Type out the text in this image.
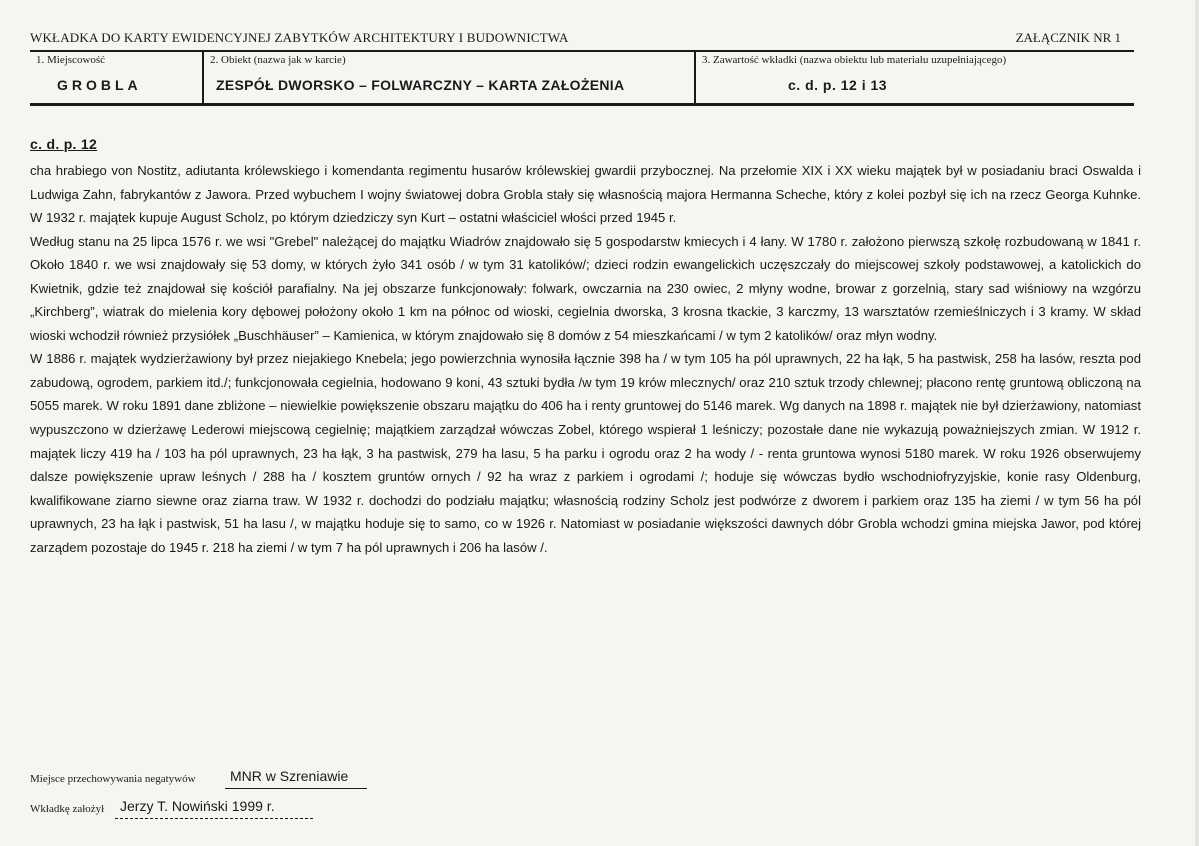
WKŁADKA DO KARTY EWIDENCYJNEJ ZABYTKÓW ARCHITEKTURY I BUDOWNICTWA	ZAŁĄCZNIK NR 1
1. Miejscowość
GROBLA
2. Obiekt (nazwa jak w karcie)
ZESPÓŁ DWORSKO – FOLWARCZNY – KARTA ZAŁOŻENIA
3. Zawartość wkładki (nazwa obiektu lub materiału uzupełniającego)
c. d. p. 12 i 13
c. d. p. 12

cha hrabiego von Nostitz, adiutanta królewskiego i komendanta regimentu husarów królewskiej gwardii przybocznej. Na przełomie XIX i XX wieku majątek był w posiadaniu braci Oswalda i Ludwiga Zahn, fabrykantów z Jawora. Przed wybuchem I wojny światowej dobra Grobla stały się własnością majora Hermanna Scheche, który z kolei pozbył się ich na rzecz Georga Kuhnke. W 1932 r. majątek kupuje August Scholz, po którym dziedziczy syn Kurt – ostatni właściciel włości przed 1945 r.

Według stanu na 25 lipca 1576 r. we wsi "Grebel" należącej do majątku Wiadrów znajdowało się 5 gospodarstw kmiecych i 4 łany. W 1780 r. założono pierwszą szkołę rozbudowaną w 1841 r. Około 1840 r. we wsi znajdowały się 53 domy, w których żyło 341 osób / w tym 31 katolików/; dzieci rodzin ewangelickich uczęszczały do miejscowej szkoły podstawowej, a katolickich do Kwietnik, gdzie też znajdował się kościół parafialny. Na jej obszarze funkcjonowały: folwark, owczarnia na 230 owiec, 2 młyny wodne, browar z gorzelnią, stary sad wiśniowy na wzgórzu „Kirchberg”, wiatrak do mielenia kory dębowej położony około 1 km na północ od wioski, cegielnia dworska, 3 krosna tkackie, 3 karczmy, 13 warsztatów rzemieślniczych i 3 kramy. W skład wioski wchodził również przysiółek „Buschhäuser” – Kamienica, w którym znajdowało się 8 domów z 54 mieszkańcami / w tym 2 katolików/ oraz młyn wodny.

W 1886 r. majątek wydzierżawiony był przez niejakiego Knebela; jego powierzchnia wynosiła łącznie 398 ha / w tym 105 ha pól uprawnych, 22 ha łąk, 5 ha pastwisk, 258 ha lasów, reszta pod zabudową, ogrodem, parkiem itd./; funkcjonowała cegielnia, hodowano 9 koni, 43 sztuki bydła /w tym 19 krów mlecznych/ oraz 210 sztuk trzody chlewnej; płacono rentę gruntową obliczoną na 5055 marek. W roku 1891 dane zbliżone – niewielkie powiększenie obszaru majątku do 406 ha i renty gruntowej do 5146 marek. Wg danych na 1898 r. majątek nie był dzierżawiony, natomiast wypuszczono w dzierżawę Lederowi miejscową cegielnię; majątkiem zarządzał wówczas Zobel, którego wspierał 1 leśniczy; pozostałe dane nie wykazują poważniejszych zmian. W 1912 r. majątek liczy 419 ha / 103 ha pól uprawnych, 23 ha łąk, 3 ha pastwisk, 279 ha lasu, 5 ha parku i ogrodu oraz 2 ha wody / - renta gruntowa wynosi 5180 marek. W roku 1926 obserwujemy dalsze powiększenie upraw leśnych / 288 ha / kosztem gruntów ornych / 92 ha wraz z parkiem i ogrodami /; hoduje się wówczas bydło wschodniofryzyjskie, konie rasy Oldenburg, kwalifikowane ziarno siewne oraz ziarna traw. W 1932 r. dochodzi do podziału majątku; własnością rodziny Scholz jest podwórze z dworem i parkiem oraz 135 ha ziemi / w tym 56 ha pól uprawnych, 23 ha łąk i pastwisk, 51 ha lasu /, w majątku hoduje się to samo, co w 1926 r. Natomiast w posiadanie większości dawnych dóbr Grobla wchodzi gmina miejska Jawor, pod której zarządem pozostaje do 1945 r. 218 ha ziemi / w tym 7 ha pól uprawnych i 206 ha lasów /.

Miejsce przechowywania negatywów MNR w Szreniawie
Wkładkę założył Jerzy T. Nowiński 1999 r.
